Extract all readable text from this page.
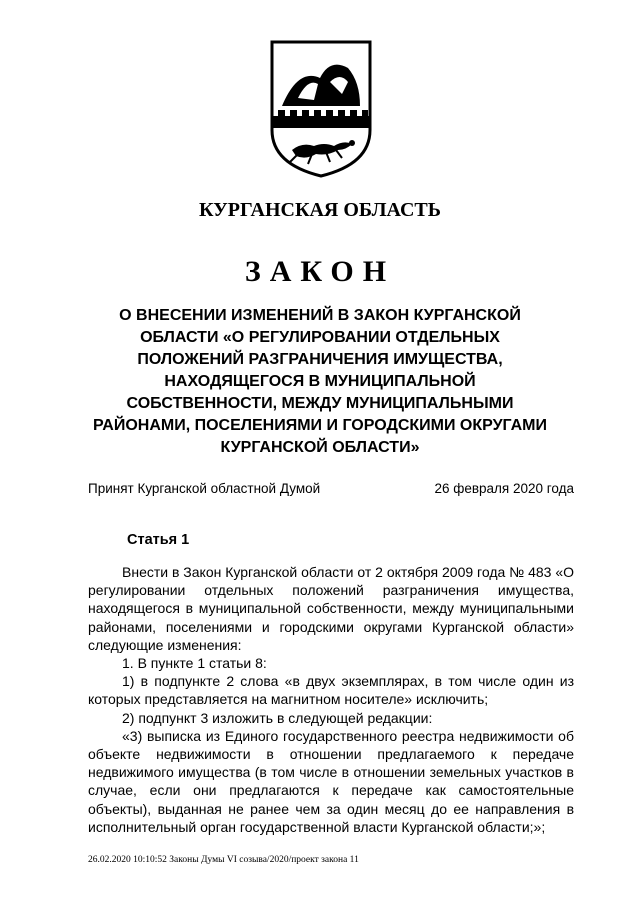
КУРГАНСКАЯ ОБЛАСТЬ
ЗАКОН
О ВНЕСЕНИИ ИЗМЕНЕНИЙ В ЗАКОН КУРГАНСКОЙ ОБЛАСТИ «О РЕГУЛИРОВАНИИ ОТДЕЛЬНЫХ ПОЛОЖЕНИЙ РАЗГРАНИЧЕНИЯ ИМУЩЕСТВА, НАХОДЯЩЕГОСЯ В МУНИЦИПАЛЬНОЙ СОБСТВЕННОСТИ, МЕЖДУ МУНИЦИПАЛЬНЫМИ РАЙОНАМИ, ПОСЕЛЕНИЯМИ И ГОРОДСКИМИ ОКРУГАМИ КУРГАНСКОЙ ОБЛАСТИ»
Принят Курганской областной Думой	26 февраля 2020 года
Статья 1

Внести в Закон Курганской области от 2 октября 2009 года № 483 «О регулировании отдельных положений разграничения имущества, находящегося в муниципальной собственности, между муниципальными районами, поселениями и городскими округами Курганской области» следующие изменения:

1. В пункте 1 статьи 8:

1) в подпункте 2 слова «в двух экземплярах, в том числе один из которых представляется на магнитном носителе» исключить;

2) подпункт 3 изложить в следующей редакции:

«3) выписка из Единого государственного реестра недвижимости об объекте недвижимости в отношении предлагаемого к передаче недвижимого имущества (в том числе в отношении земельных участков в случае, если они предлагаются к передаче как самостоятельные объекты), выданная не ранее чем за один месяц до ее направления в исполнительный орган государственной власти Курганской области;»;

26.02.2020 10:10:52 Законы Думы VI созыва/2020/проект закона 11
